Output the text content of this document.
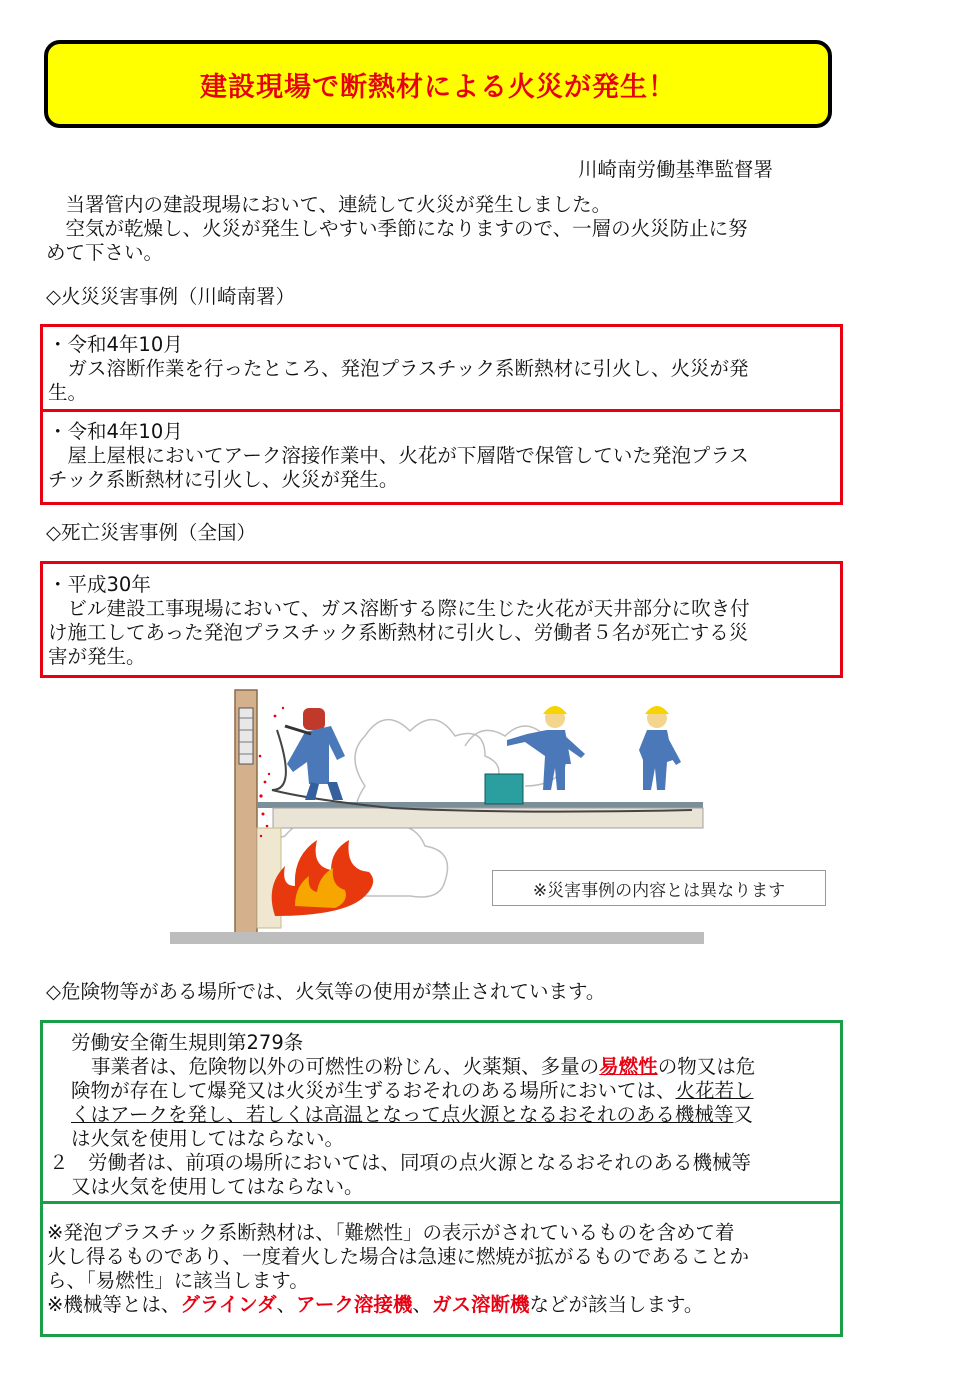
建設現場で断熱材による火災が発生！
川崎南労働基準監督署
　当署管内の建設現場において、連続して火災が発生しました。
　空気が乾燥し、火災が発生しやすい季節になりますので、一層の火災防止に努
めて下さい。
◇火災災害事例（川崎南署）
・令和4年10月
　ガス溶断作業を行ったところ、発泡プラスチック系断熱材に引火し、火災が発
生。
・令和4年10月
　屋上屋根においてアーク溶接作業中、火花が下層階で保管していた発泡プラス
チック系断熱材に引火し、火災が発生。
◇死亡災害事例（全国）
・平成30年
　ビル建設工事現場において、ガス溶断する際に生じた火花が天井部分に吹き付
け施工してあった発泡プラスチック系断熱材に引火し、労働者５名が死亡する災
害が発生。
※災害事例の内容とは異なります
◇危険物等がある場所では、火気等の使用が禁止されています。
労働安全衛生規則第279条
事業者は、危険物以外の可燃性の粉じん、火薬類、多量の易燃性の物又は危
険物が存在して爆発又は火災が生ずるおそれのある場所においては、火花若し
くはアークを発し、若しくは高温となって点火源となるおそれのある機械等又
は火気を使用してはならない。
２　労働者は、前項の場所においては、同項の点火源となるおそれのある機械等
又は火気を使用してはならない。
※発泡プラスチック系断熱材は、「難燃性」の表示がされているものを含めて着
火し得るものであり、一度着火した場合は急速に燃焼が拡がるものであることか
ら、「易燃性」に該当します。
※機械等とは、グラインダ、アーク溶接機、ガス溶断機などが該当します。
